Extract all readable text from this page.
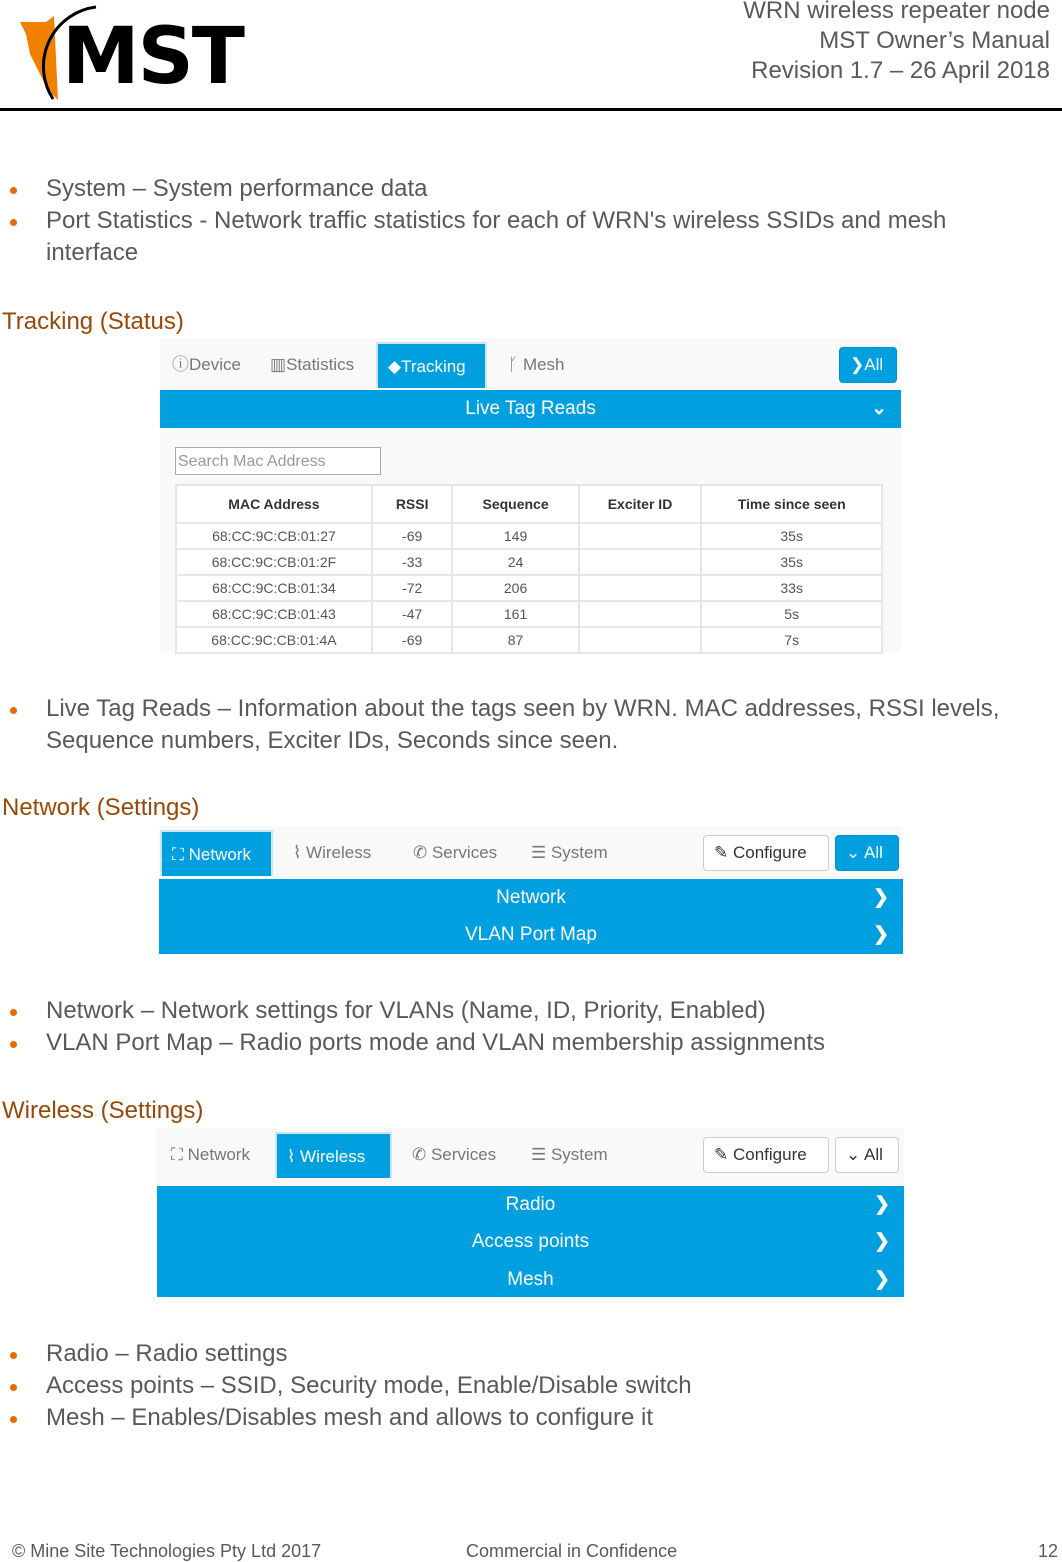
MST
WRN wireless repeater node
MST Owner’s Manual
Revision 1.7 – 26 April 2018
System – System performance data
Port Statistics - Network traffic statistics for each of WRN's wireless SSIDs and mesh interface
Tracking (Status)
ⓘDevice	▥Statistics	◆Tracking	ᚴ Mesh	❯All
Live Tag Reads	⌄
Search Mac Address
MAC Address	RSSI	Sequence	Exciter ID	Time since seen
68:CC:9C:CB:01:27	-69	149		35s
68:CC:9C:CB:01:2F	-33	24		35s
68:CC:9C:CB:01:34	-72	206		33s
68:CC:9C:CB:01:43	-47	161		5s
68:CC:9C:CB:01:4A	-69	87		7s
Live Tag Reads – Information about the tags seen by WRN. MAC addresses, RSSI levels, Sequence numbers, Exciter IDs, Seconds since seen.
Network (Settings)
⛶ Network	⌇ Wireless	✆ Services	☰ System	✎ Configure	⌄ All
Network	❯
VLAN Port Map	❯
Network – Network settings for VLANs (Name, ID, Priority, Enabled)
VLAN Port Map – Radio ports mode and VLAN membership assignments
Wireless (Settings)
⛶ Network	⌇ Wireless	✆ Services	☰ System	✎ Configure	⌄ All
Radio	❯
Access points	❯
Mesh	❯
Radio – Radio settings
Access points – SSID, Security mode, Enable/Disable switch
Mesh – Enables/Disables mesh and allows to configure it
© Mine Site Technologies Pty Ltd 2017	Commercial in Confidence	12
